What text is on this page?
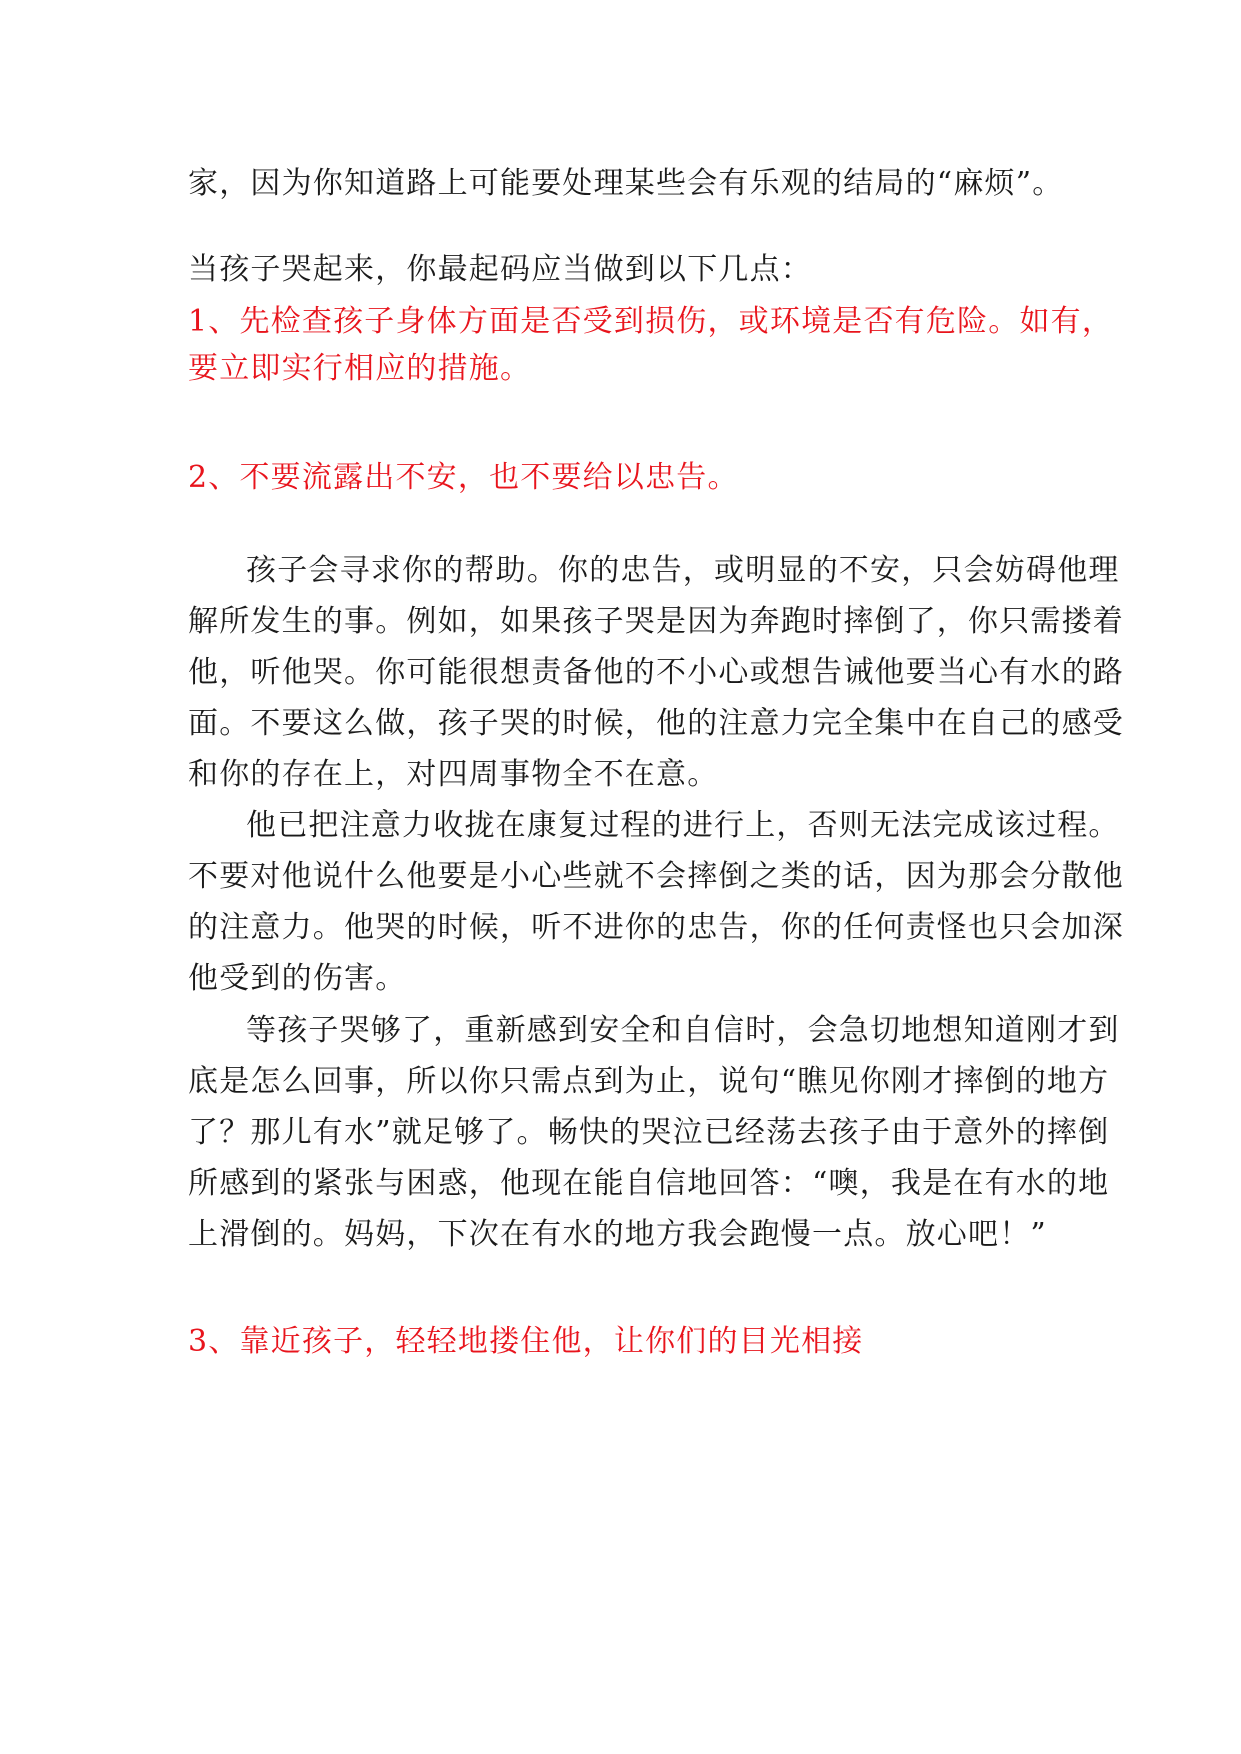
家，因为你知道路上可能要处理某些会有乐观的结局的“麻烦”。
当孩子哭起来，你最起码应当做到以下几点：
1、先检查孩子身体方面是否受到损伤，或环境是否有危险。如有，
要立即实行相应的措施。
2、不要流露出不安，也不要给以忠告。
孩子会寻求你的帮助。你的忠告，或明显的不安，只会妨碍他理
解所发生的事。例如，如果孩子哭是因为奔跑时摔倒了，你只需搂着
他，听他哭。你可能很想责备他的不小心或想告诫他要当心有水的路
面。不要这么做，孩子哭的时候，他的注意力完全集中在自己的感受
和你的存在上，对四周事物全不在意。
他已把注意力收拢在康复过程的进行上，否则无法完成该过程。
不要对他说什么他要是小心些就不会摔倒之类的话，因为那会分散他
的注意力。他哭的时候，听不进你的忠告，你的任何责怪也只会加深
他受到的伤害。
等孩子哭够了，重新感到安全和自信时，会急切地想知道刚才到
底是怎么回事，所以你只需点到为止，说句“瞧见你刚才摔倒的地方
了？那儿有水”就足够了。畅快的哭泣已经荡去孩子由于意外的摔倒
所感到的紧张与困惑，他现在能自信地回答：“噢，我是在有水的地
上滑倒的。妈妈，下次在有水的地方我会跑慢一点。放心吧！”
3、靠近孩子，轻轻地搂住他，让你们的目光相接
